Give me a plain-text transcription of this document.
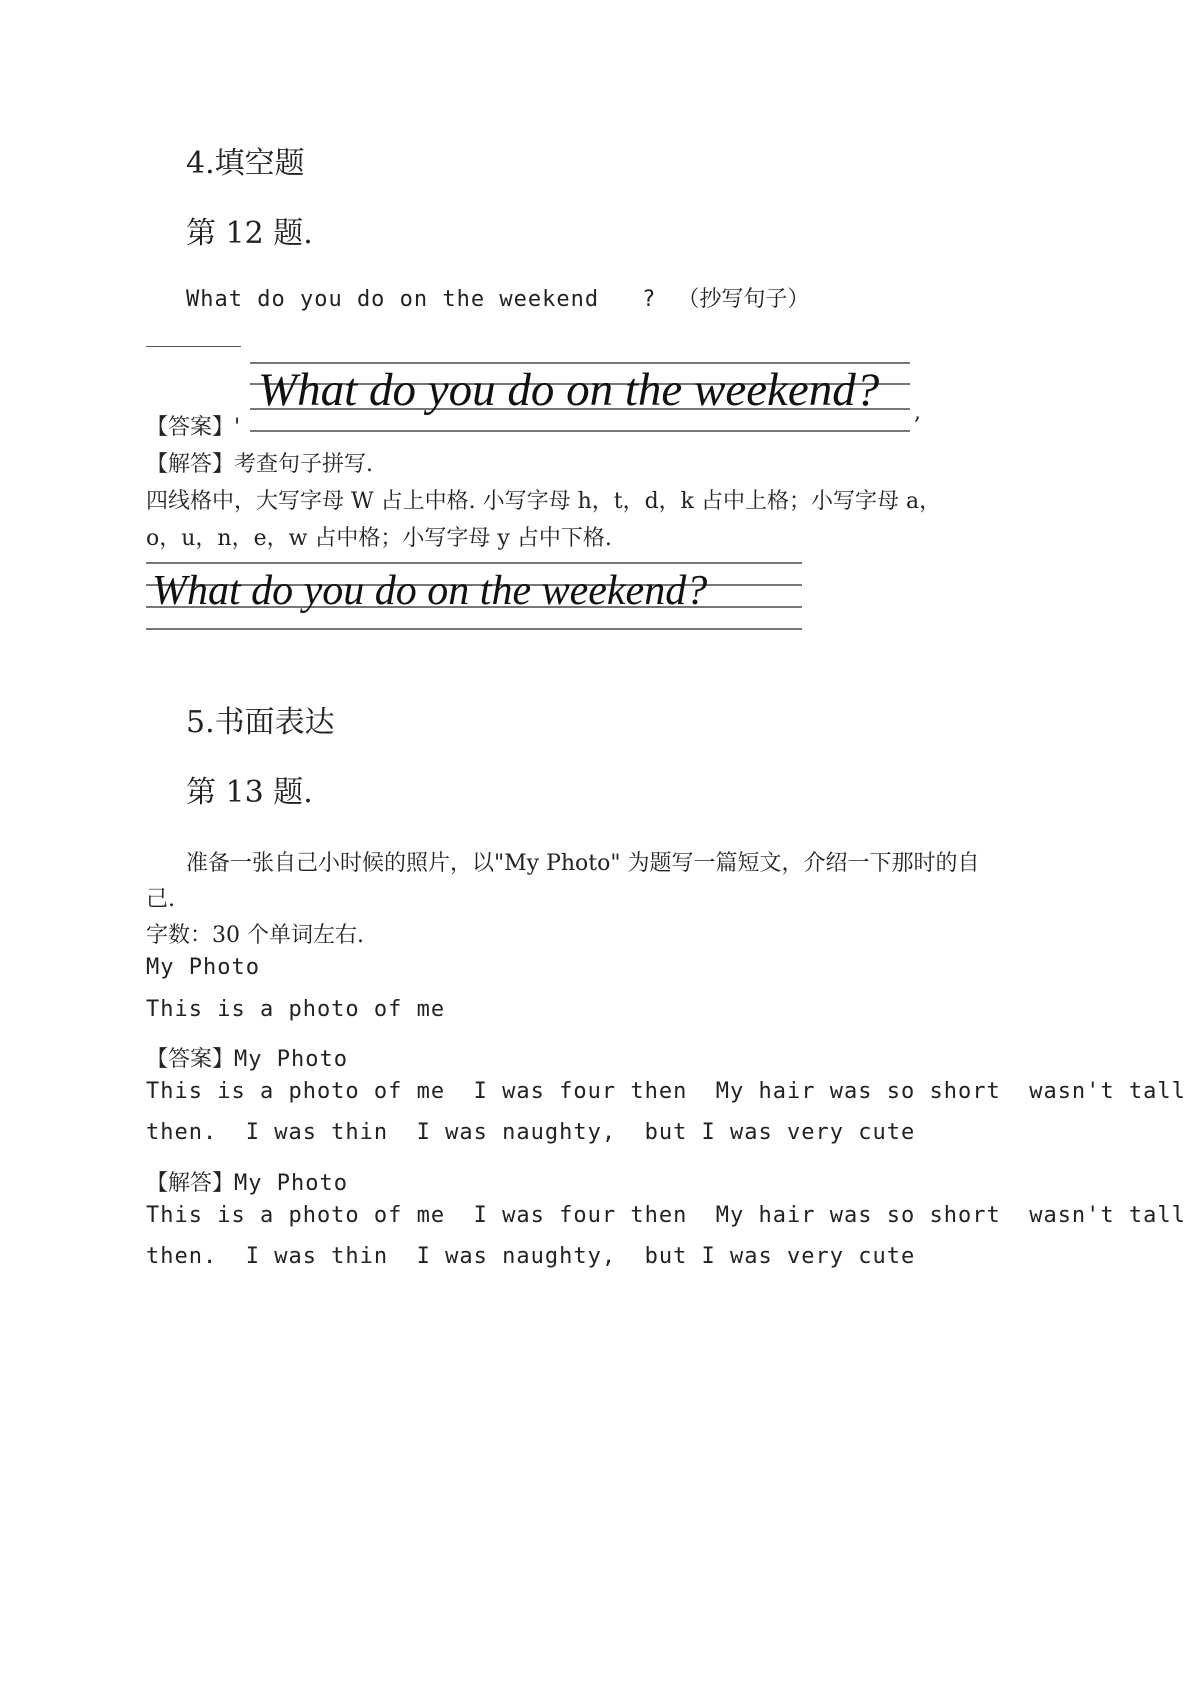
4.填空题
第 12 题.
What do you do on the weekend ? （抄写句子）
What do you do on the weekend?
【答案】'
,
【解答】考查句子拼写.
四线格中，大写字母 W 占上中格. 小写字母 h，t，d，k 占中上格；小写字母 a，
o，u，n，e，w 占中格；小写字母 y 占中下格.
What do you do on the weekend?
5.书面表达
第 13 题.
准备一张自己小时候的照片，以"My Photo" 为题写一篇短文，介绍一下那时的自
己.
字数：30 个单词左右.
My Photo
This is a photo of me
【答案】My Photo
This is a photo of me  I was four then  My hair was so short  wasn't tall
then.  I was thin  I was naughty,  but I was very cute
【解答】My Photo
This is a photo of me  I was four then  My hair was so short  wasn't tall
then.  I was thin  I was naughty,  but I was very cute
